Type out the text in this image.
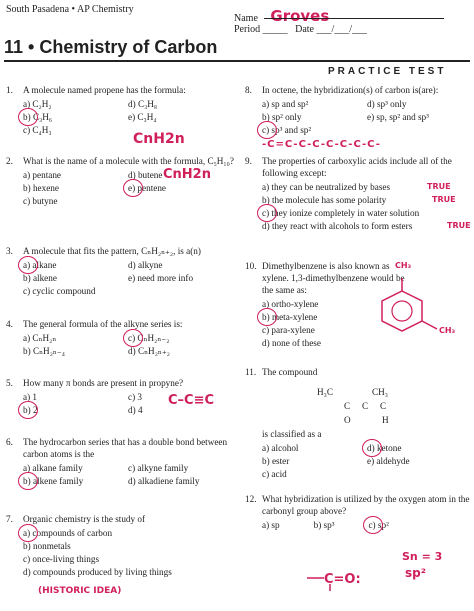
South Pasadena • AP Chemistry
Name Groves
Period _____ Date ___/___/___
11 • Chemistry of Carbon
PRACTICE TEST
1. A molecule named propene has the formula:
a) C₂H₂	d) C₃H₈
b) C₃H₆	e) C₃H₄
c) C₄H₃
CnH2n
2. What is the name of a molecule with the formula, C₅H₁₀?
a) pentane	d) butene
b) hexene	e) pentene
c) butyne
CnH2n
3. A molecule that fits the pattern, CₙH₂ₙ₊₂, is a(n)
a) alkane	d) alkyne
b) alkene	e) need more info
c) cyclic compound
4. The general formula of the alkyne series is:
a) CₙH₂ₙ	c) CₙH₂ₙ₋₂
b) CₙH₂ₙ₋₄	d) CₙH₂ₙ₊₂
5. How many π bonds are present in propyne?
a) 1	c) 3
b) 2	d) 4
C–C≡C
6. The hydrocarbon series that has a double bond between carbon atoms is the
a) alkane family	c) alkyne family
b) alkene family	d) alkadiene family
7. Organic chemistry is the study of
a) compounds of carbon
b) nonmetals
c) once-living things
d) compounds produced by living things
(HISTORIC IDEA)
8. In octene, the hybridization(s) of carbon is(are):
a) sp and sp²	d) sp³ only
b) sp² only	e) sp, sp² and sp³
c) sp³ and sp²
-C=C-C-C-C-C-C-C-
9. The properties of carboxylic acids include all of the following except:
a) they can be neutralized by bases
b) the molecule has some polarity
c) they ionize completely in water solution
d) they react with alcohols to form esters
TRUE
TRUE
TRUE
10. Dimethylbenzene is also known as xylene. 1,3-dimethylbenzene would be the same as:
a) ortho-xylene
b) meta-xylene
c) para-xylene
d) none of these
CH₃
CH₃
11. The compound
H₃C	CH₃
C C C
O	H
is classified as a
a) alcohol	d) ketone
b) ester	e) aldehyde
c) acid
12. What hybridization is utilized by the oxygen atom in the carbonyl group above?
a) sp	b) sp³	c) sp²
Sn = 3
sp²
C=O:
